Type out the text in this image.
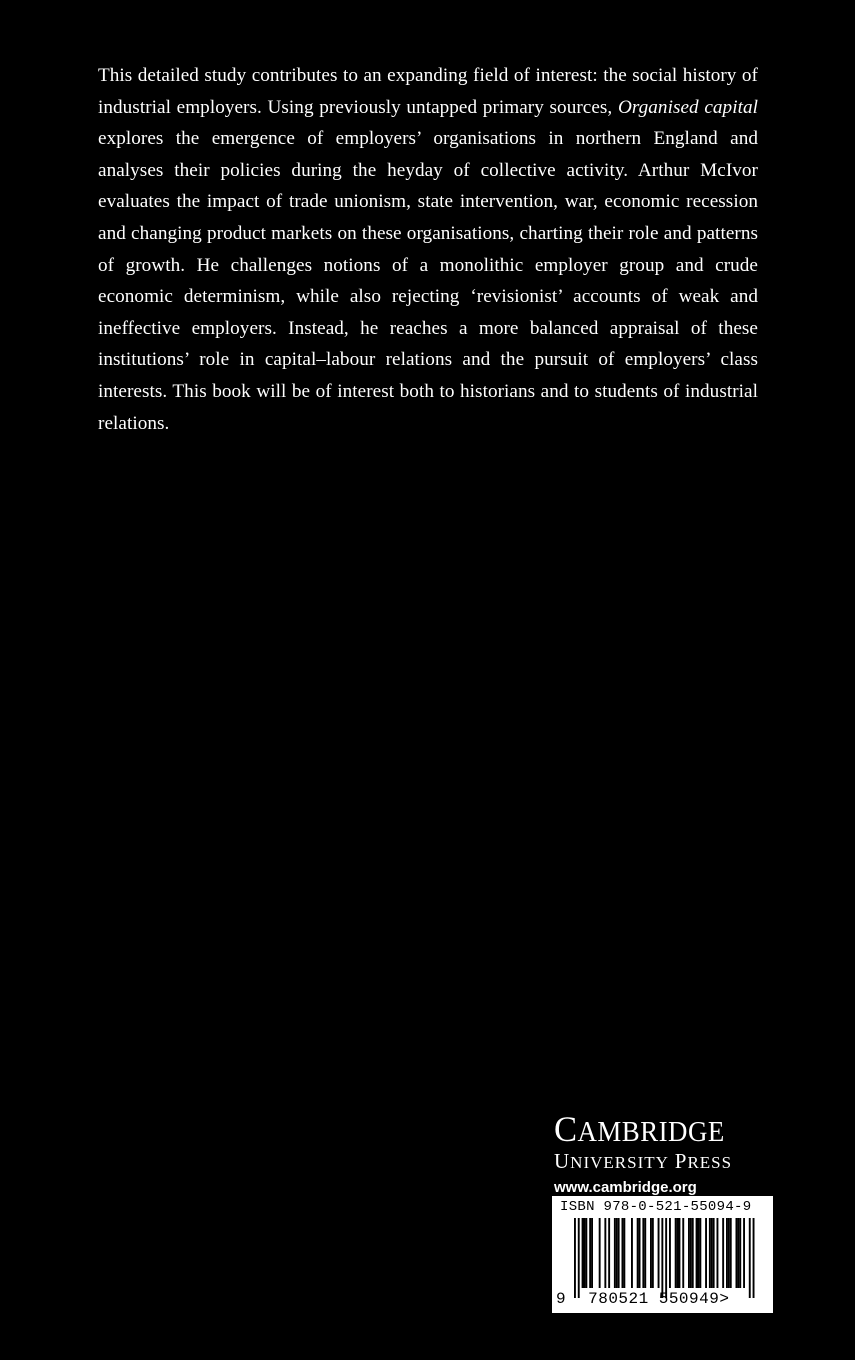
This detailed study contributes to an expanding field of interest: the social history of industrial employers. Using previously untapped primary sources, Organised capital explores the emergence of employers’ organisations in northern England and analyses their policies during the heyday of collective activity. Arthur McIvor evaluates the impact of trade unionism, state intervention, war, economic recession and changing product markets on these organisations, charting their role and patterns of growth. He challenges notions of a monolithic employer group and crude economic determinism, while also rejecting ‘revisionist’ accounts of weak and ineffective employers. Instead, he reaches a more balanced appraisal of these institutions’ role in capital–labour relations and the pursuit of employers’ class interests. This book will be of interest both to historians and to students of industrial relations.

CAMBRIDGE
UNIVERSITY PRESS
www.cambridge.org
ISBN 978-0-521-55094-9
9 780521 550949>
